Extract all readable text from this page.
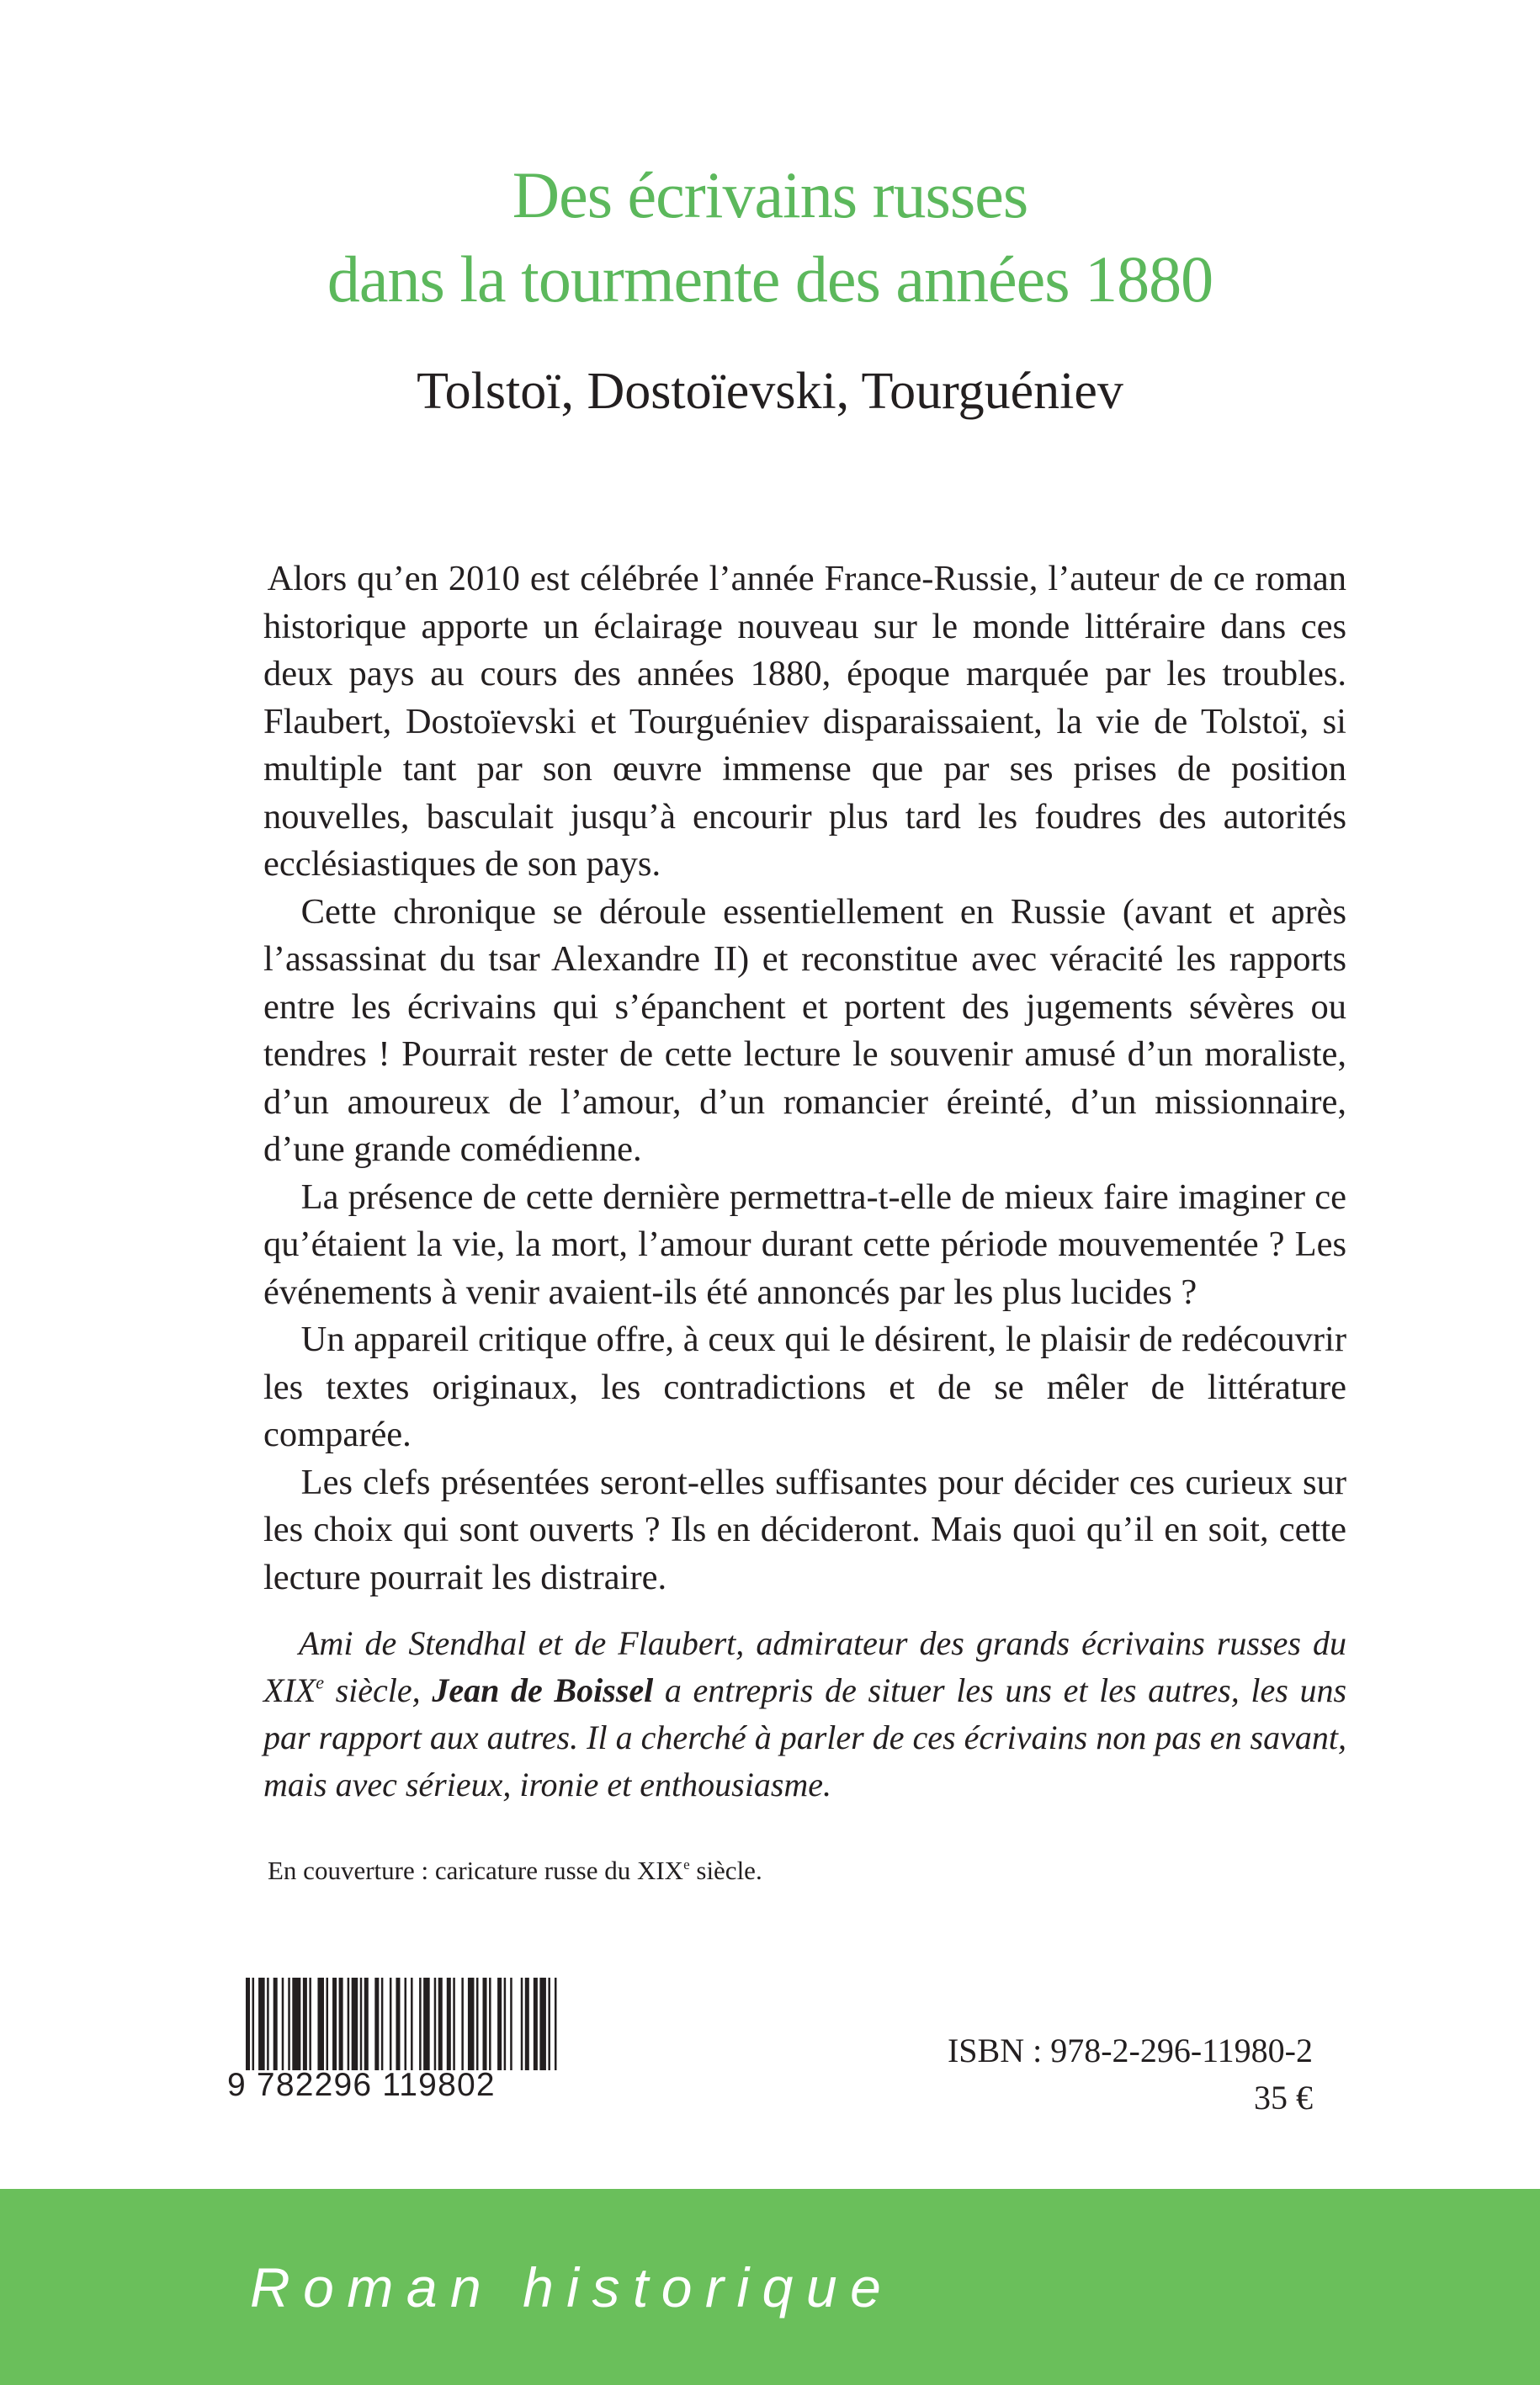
Des écrivains russes
dans la tourmente des années 1880
Tolstoï, Dostoïevski, Tourguéniev

Alors qu’en 2010 est célébrée l’année France-Russie, l’auteur de ce roman historique apporte un éclairage nouveau sur le monde littéraire dans ces deux pays au cours des années 1880, époque marquée par les troubles. Flaubert, Dostoïevski et Tourguéniev disparaissaient, la vie de Tolstoï, si multiple tant par son œuvre immense que par ses prises de position nouvelles, basculait jusqu’à encourir plus tard les foudres des autorités ecclésiastiques de son pays.

Cette chronique se déroule essentiellement en Russie (avant et après l’assassinat du tsar Alexandre II) et reconstitue avec véracité les rapports entre les écrivains qui s’épanchent et portent des jugements sévères ou tendres ! Pourrait rester de cette lecture le souvenir amusé d’un moraliste, d’un amoureux de l’amour, d’un romancier éreinté, d’un missionnaire, d’une grande comédienne.

La présence de cette dernière permettra-t-elle de mieux faire imaginer ce qu’étaient la vie, la mort, l’amour durant cette période mouvementée ? Les événements à venir avaient-ils été annoncés par les plus lucides ?

Un appareil critique offre, à ceux qui le désirent, le plaisir de redécouvrir les textes originaux, les contradictions et de se mêler de littérature comparée.

Les clefs présentées seront-elles suffisantes pour décider ces curieux sur les choix qui sont ouverts ? Ils en décideront. Mais quoi qu’il en soit, cette lecture pourrait les distraire.

Ami de Stendhal et de Flaubert, admirateur des grands écrivains russes du XIXe siècle, Jean de Boissel a entrepris de situer les uns et les autres, les uns par rapport aux autres. Il a cherché à parler de ces écrivains non pas en savant, mais avec sérieux, ironie et enthousiasme.

En couverture : caricature russe du XIXe siècle.
9 782296 119802
ISBN : 978-2-296-11980-2
35 €
Roman historique
